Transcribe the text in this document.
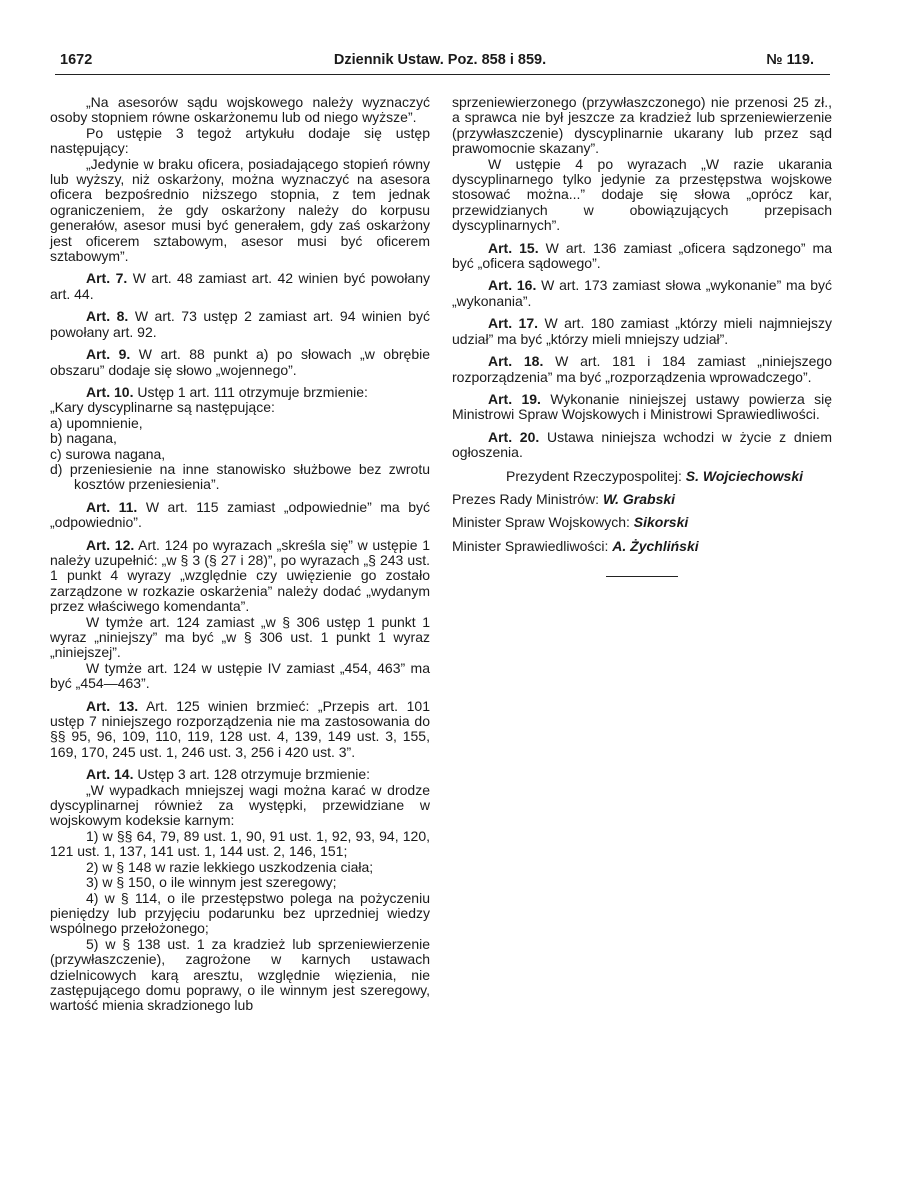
1672	Dziennik Ustaw. Poz. 858 i 859.	№ 119.

„Na asesorów sądu wojskowego należy wyznaczyć osoby stopniem równe oskarżonemu lub od niego wyższe”.

Po ustępie 3 tegoż artykułu dodaje się ustęp następujący:

„Jedynie w braku oficera, posiadającego stopień równy lub wyższy, niż oskarżony, można wyznaczyć na asesora oficera bezpośrednio niższego stopnia, z tem jednak ograniczeniem, że gdy oskarżony należy do korpusu generałów, asesor musi być generałem, gdy zaś oskarżony jest oficerem sztabowym, asesor musi być oficerem sztabowym”.

Art. 7. W art. 48 zamiast art. 42 winien być powołany art. 44.

Art. 8. W art. 73 ustęp 2 zamiast art. 94 winien być powołany art. 92.

Art. 9. W art. 88 punkt a) po słowach „w obrębie obszaru” dodaje się słowo „wojennego”.

Art. 10. Ustęp 1 art. 111 otrzymuje brzmienie:

„Kary dyscyplinarne są następujące:

a) upomnienie,

b) nagana,

c) surowa nagana,

d) przeniesienie na inne stanowisko służbowe bez zwrotu kosztów przeniesienia”.

Art. 11. W art. 115 zamiast „odpowiednie” ma być „odpowiednio”.

Art. 12. Art. 124 po wyrazach „skreśla się” w ustępie 1 należy uzupełnić: „w § 3 (§ 27 i 28)”, po wyrazach „§ 243 ust. 1 punkt 4 wyrazy „względnie czy uwięzienie go zostało zarządzone w rozkazie oskarżenia” należy dodać „wydanym przez właściwego komendanta”.

W tymże art. 124 zamiast „w § 306 ustęp 1 punkt 1 wyraz „niniejszy” ma być „w § 306 ust. 1 punkt 1 wyraz „niniejszej”.

W tymże art. 124 w ustępie IV zamiast „454, 463” ma być „454—463”.

Art. 13. Art. 125 winien brzmieć: „Przepis art. 101 ustęp 7 niniejszego rozporządzenia nie ma zastosowania do §§ 95, 96, 109, 110, 119, 128 ust. 4, 139, 149 ust. 3, 155, 169, 170, 245 ust. 1, 246 ust. 3, 256 i 420 ust. 3”.

Art. 14. Ustęp 3 art. 128 otrzymuje brzmienie:

„W wypadkach mniejszej wagi można karać w drodze dyscyplinarnej również za występki, przewidziane w wojskowym kodeksie karnym:

1) w §§ 64, 79, 89 ust. 1, 90, 91 ust. 1, 92, 93, 94, 120, 121 ust. 1, 137, 141 ust. 1, 144 ust. 2, 146, 151;

2) w § 148 w razie lekkiego uszkodzenia ciała;

3) w § 150, o ile winnym jest szeregowy;

4) w § 114, o ile przestępstwo polega na pożyczeniu pieniędzy lub przyjęciu podarunku bez uprzedniej wiedzy wspólnego przełożonego;

5) w § 138 ust. 1 za kradzież lub sprzeniewierzenie (przywłaszczenie), zagrożone w karnych ustawach dzielnicowych karą aresztu, względnie więzienia, nie zastępującego domu poprawy, o ile winnym jest szeregowy, wartość mienia skradzionego lub

sprzeniewierzonego (przywłaszczonego) nie przenosi 25 zł., a sprawca nie był jeszcze za kradzież lub sprzeniewierzenie (przywłaszczenie) dyscyplinarnie ukarany lub przez sąd prawomocnie skazany”.

W ustępie 4 po wyrazach „W razie ukarania dyscyplinarnego tylko jedynie za przestępstwa wojskowe stosować można...” dodaje się słowa „oprócz kar, przewidzianych w obowiązujących przepisach dyscyplinarnych”.

Art. 15. W art. 136 zamiast „oficera sądzonego” ma być „oficera sądowego”.

Art. 16. W art. 173 zamiast słowa „wykonanie” ma być „wykonania”.

Art. 17. W art. 180 zamiast „którzy mieli najmniejszy udział” ma być „którzy mieli mniejszy udział”.

Art. 18. W art. 181 i 184 zamiast „niniejszego rozporządzenia” ma być „rozporządzenia wprowadczego”.

Art. 19. Wykonanie niniejszej ustawy powierza się Ministrowi Spraw Wojskowych i Ministrowi Sprawiedliwości.

Art. 20. Ustawa niniejsza wchodzi w życie z dniem ogłoszenia.

Prezydent Rzeczypospolitej: S. Wojciechowski

Prezes Rady Ministrów: W. Grabski

Minister Spraw Wojskowych: Sikorski

Minister Sprawiedliwości: A. Żychliński
